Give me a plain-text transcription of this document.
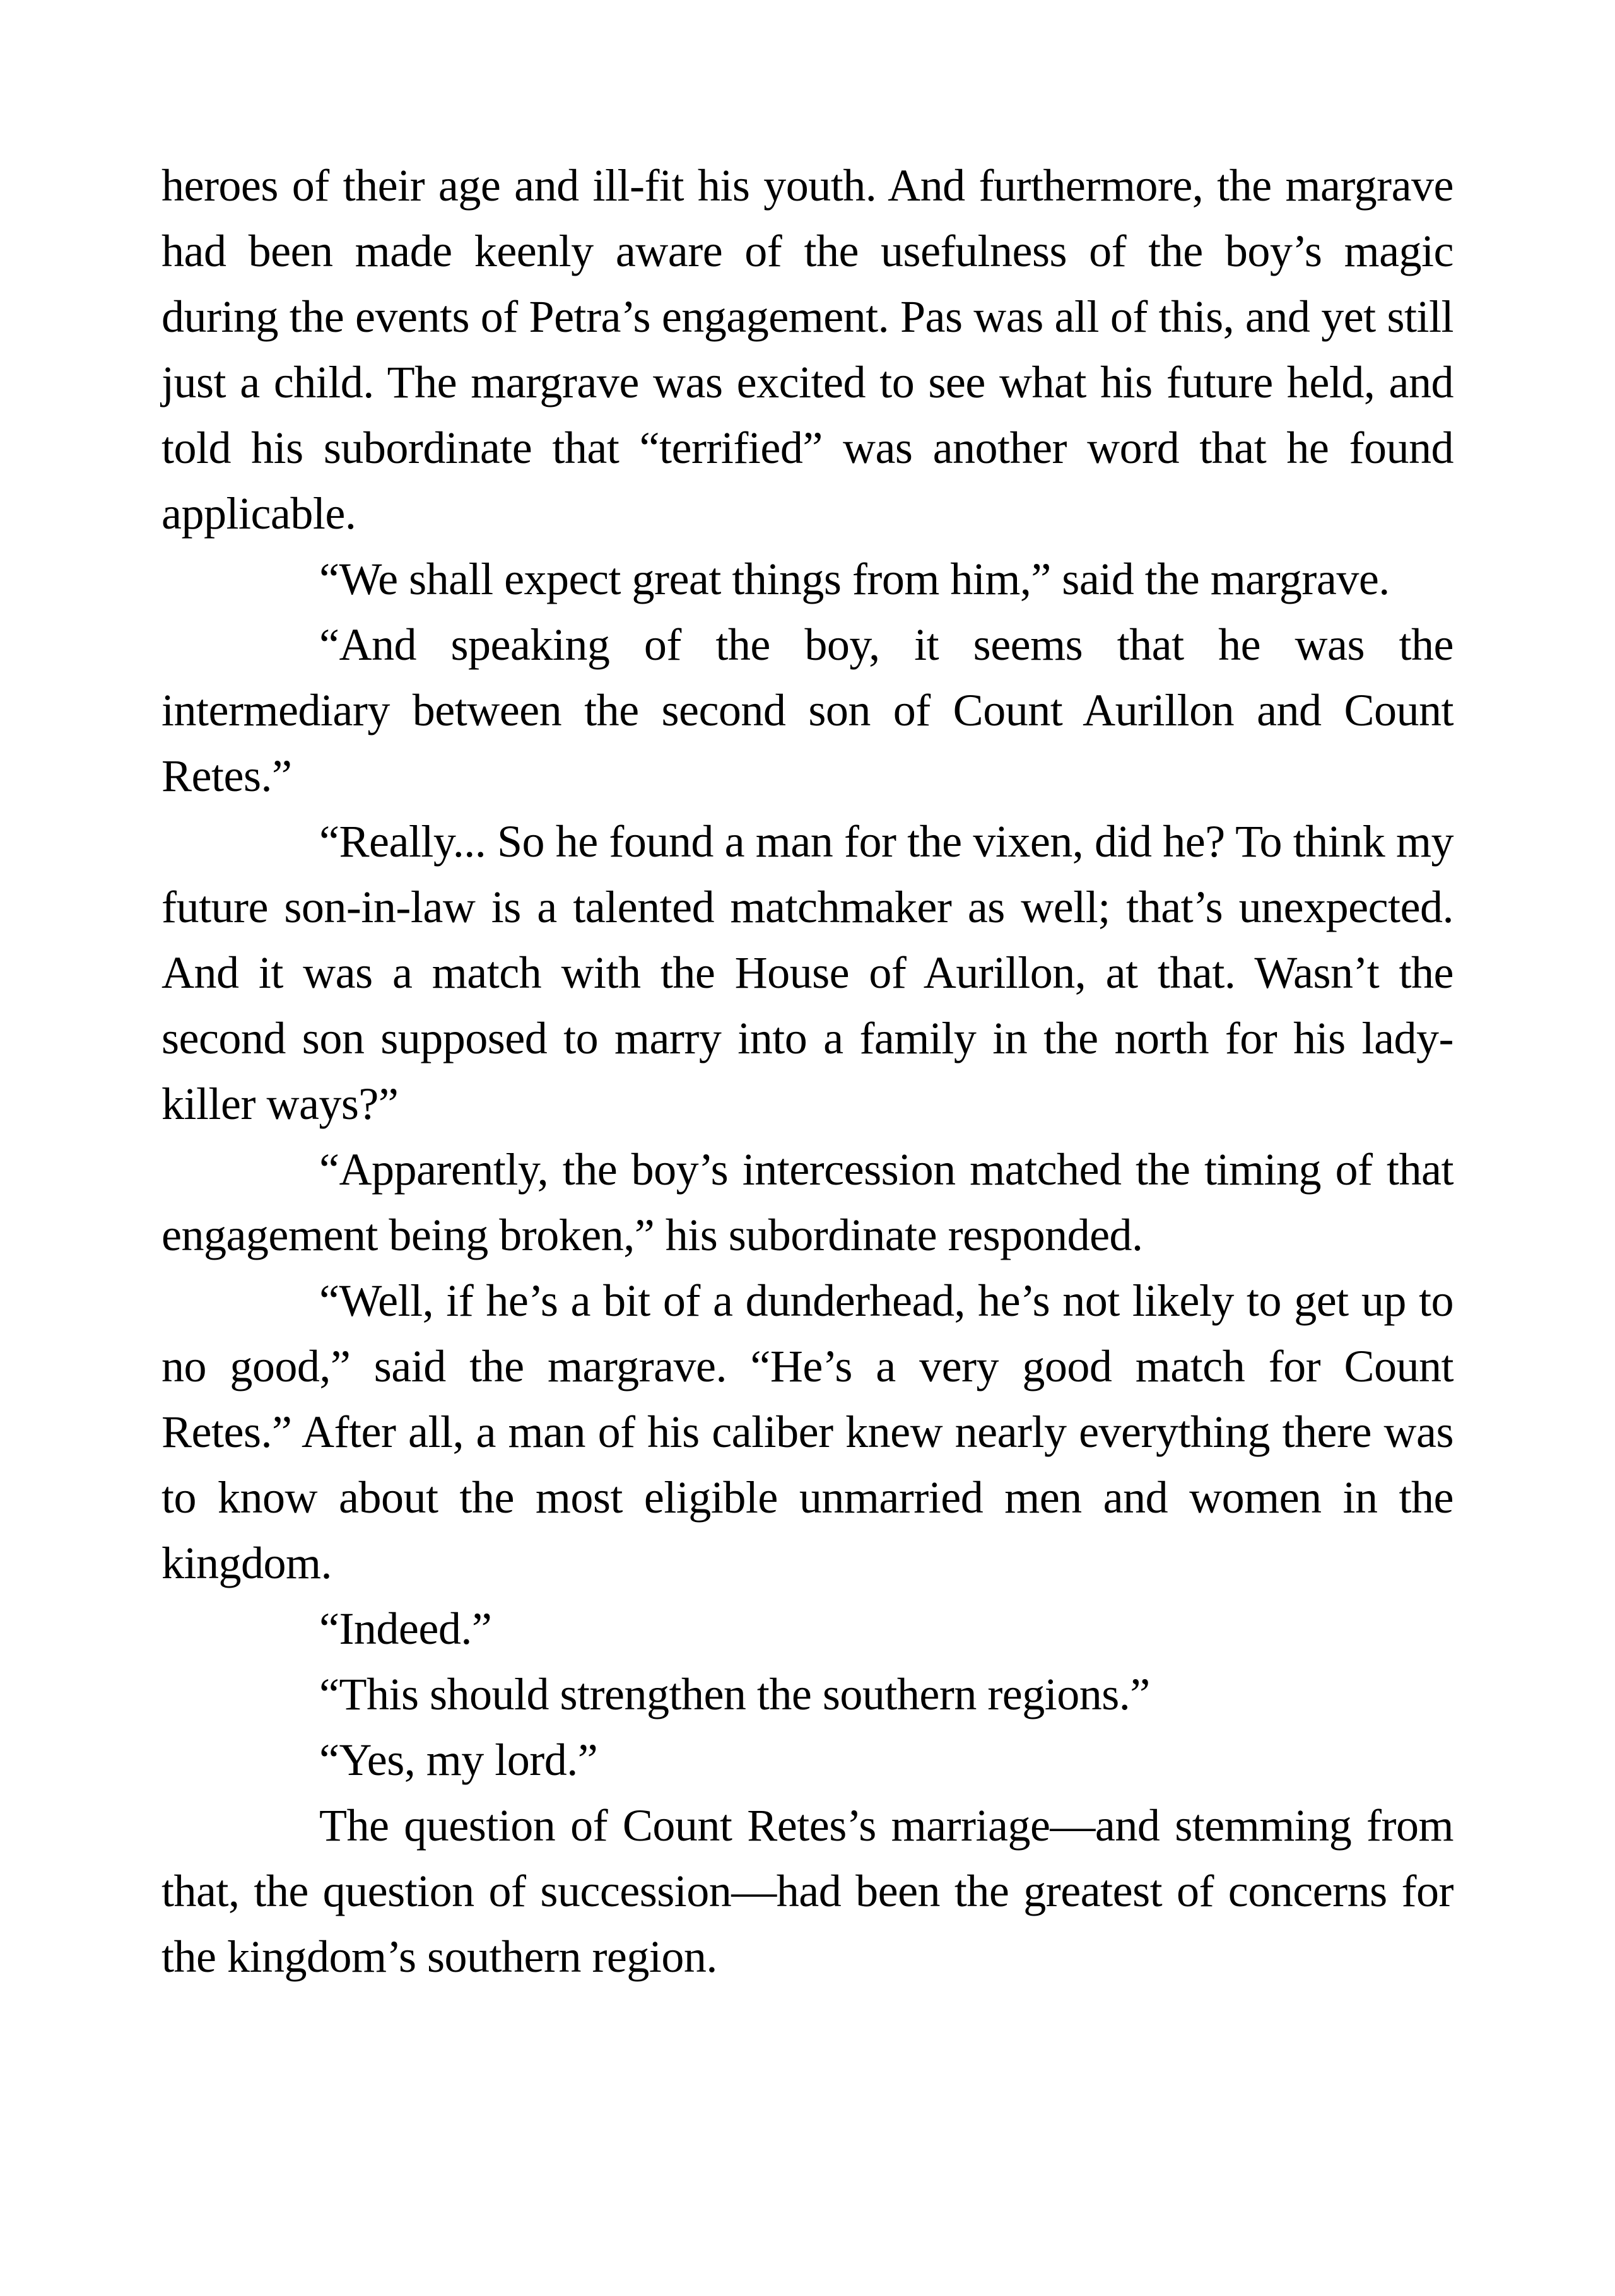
heroes of their age and ill-fit his youth. And furthermore, the margrave had been made keenly aware of the usefulness of the boy’s magic during the events of Petra’s engagement. Pas was all of this, and yet still just a child. The margrave was excited to see what his future held, and told his subordinate that “terrified” was another word that he found applicable.

“We shall expect great things from him,” said the margrave.

“And speaking of the boy, it seems that he was the intermediary between the second son of Count Aurillon and Count Retes.”

“Really... So he found a man for the vixen, did he? To think my future son-in-law is a talented matchmaker as well; that’s unexpected. And it was a match with the House of Aurillon, at that. Wasn’t the second son supposed to marry into a family in the north for his lady-killer ways?”

“Apparently, the boy’s intercession matched the timing of that engagement being broken,” his subordinate responded.

“Well, if he’s a bit of a dunderhead, he’s not likely to get up to no good,” said the margrave. “He’s a very good match for Count Retes.” After all, a man of his caliber knew nearly everything there was to know about the most eligible unmarried men and women in the kingdom.

“Indeed.”

“This should strengthen the southern regions.”

“Yes, my lord.”

The question of Count Retes’s marriage—and stemming from that, the question of succession—had been the greatest of concerns for the kingdom’s southern region.
